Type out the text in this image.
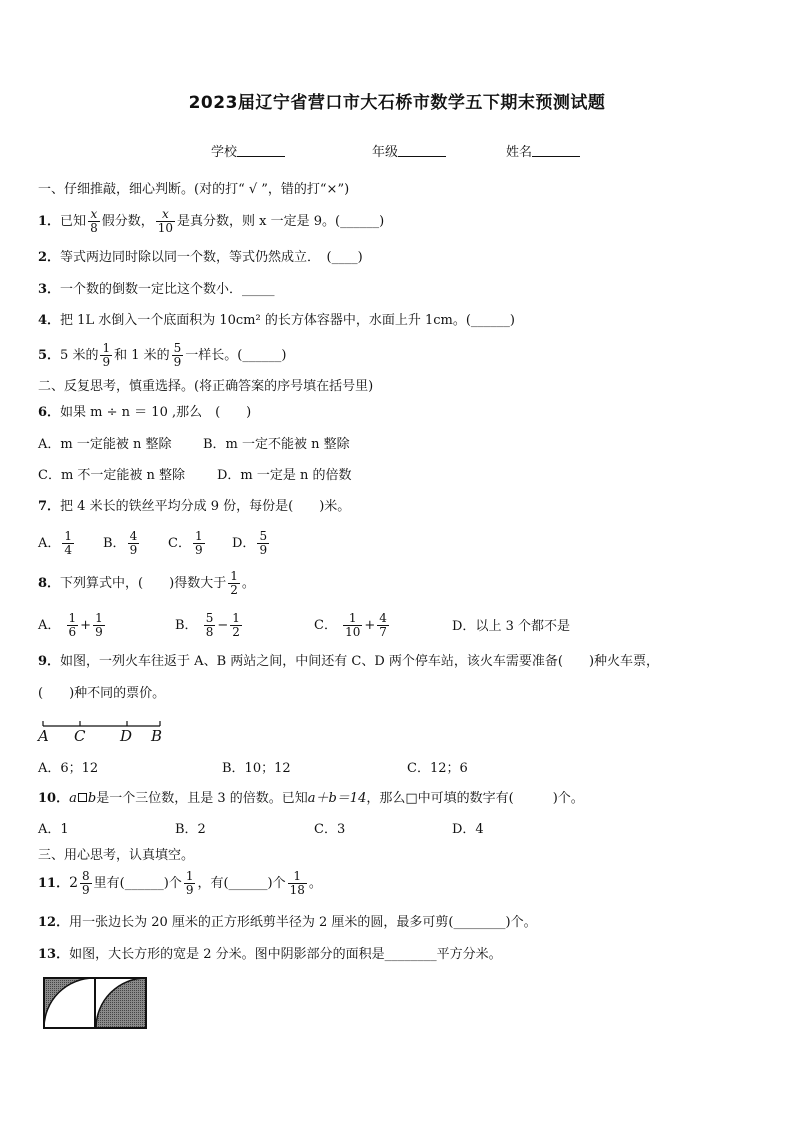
2023届辽宁省营口市大石桥市数学五下期末预测试题
学校	年级	姓名
一、仔细推敲，细心判断。(对的打“ √ ”，错的打“×”)
1．已知 $\frac{x}{8}$ 假分数， $\frac{x}{10}$ 是真分数，则 x 一定是 9。(______)
2．等式两边同时除以同一个数，等式仍然成立．　(____)
3．一个数的倒数一定比这个数小．_____
4．把 1L 水倒入一个底面积为 10cm² 的长方体容器中，水面上升 1cm。(______)
5．5 米的 $\frac{1}{9}$ 和 1 米的 $\frac{5}{9}$ 一样长。(______)
二、反复思考，慎重选择。(将正确答案的序号填在括号里)
6．如果 m ÷ n ＝ 10 ,那么　(　　)
A．m 一定能被 n 整除 B．m 一定不能被 n 整除
C．m 不一定能被 n 整除 D．m 一定是 n 的倍数
7．把 4 米长的铁丝平均分成 9 份，每份是(　　)米。
A． $\frac{1}{4}$ B． $\frac{4}{9}$ C． $\frac{1}{9}$ D． $\frac{5}{9}$
8．下列算式中，(　　)得数大于 $\frac{1}{2}$ 。
A． $\frac{1}{6} + \frac{1}{9}$	B． $\frac{5}{8} - \frac{1}{2}$	C． $\frac{1}{10} + \frac{4}{7}$	D．以上 3 个都不是
9．如图，一列火车往返于 A、B 两站之间，中间还有 C、D 两个停车站，该火车需要准备(　　)种火车票，
(　　)种不同的票价。
A C D B
A．6；12	B．10；12	C．12；6
10．a b是一个三位数，且是 3 的倍数。已知a＋b＝14，那么□中可填的数字有(　　　)个。
A．1	B．2	C．3	D．4
三、用心思考，认真填空。
11．$2 \frac{8}{9}$ 里有(______)个 $\frac{1}{9}$ ，有(______)个 $\frac{1}{18}$ 。
12．用一张边长为 20 厘米的正方形纸剪半径为 2 厘米的圆，最多可剪(________)个。
13．如图，大长方形的宽是 2 分米。图中阴影部分的面积是________平方分米。
